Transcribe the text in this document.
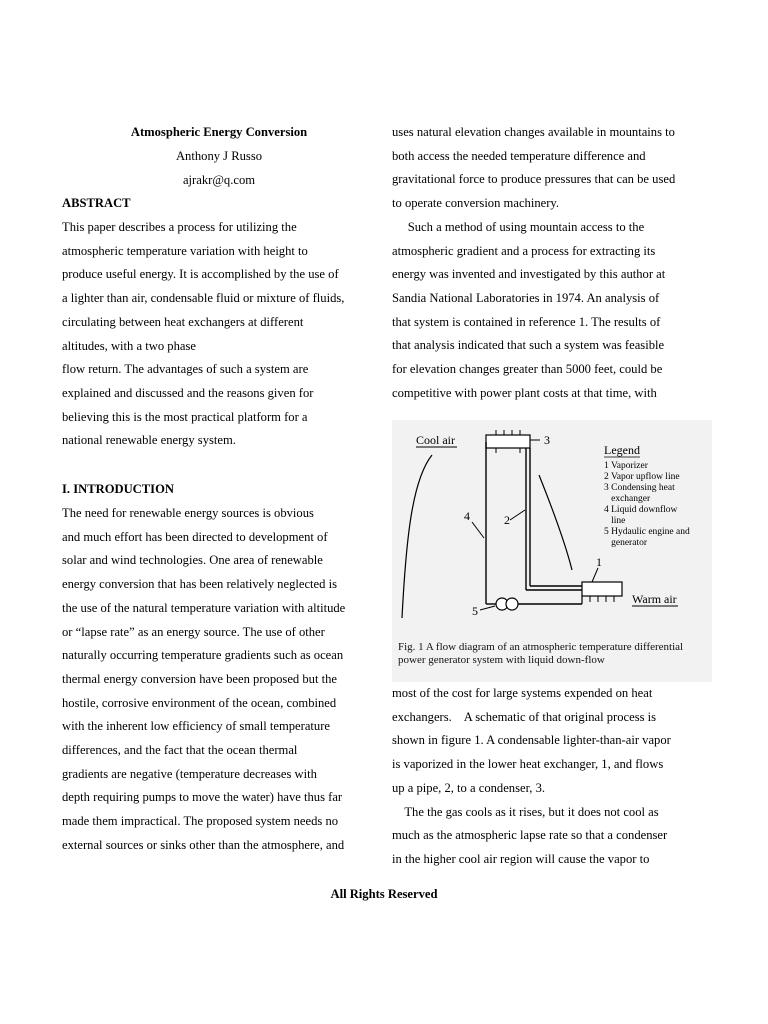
Atmospheric Energy Conversion
Anthony J Russo
ajrakr@q.com
ABSTRACT
This paper describes a process for utilizing the
atmospheric temperature variation with height to
produce useful energy. It is accomplished by the use of
a lighter than air, condensable fluid or mixture of fluids,
circulating between heat exchangers at different
altitudes, with a two phase
flow return. The advantages of such a system are
explained and discussed and the reasons given for
believing this is the most practical platform for a
national renewable energy system.
I. INTRODUCTION
The need for renewable energy sources is obvious
and much effort has been directed to development of
solar and wind technologies. One area of renewable
energy conversion that has been relatively neglected is
the use of the natural temperature variation with altitude
or “lapse rate” as an energy source. The use of other
naturally occurring temperature gradients such as ocean
thermal energy conversion have been proposed but the
hostile, corrosive environment of the ocean, combined
with the inherent low efficiency of small temperature
differences, and the fact that the ocean thermal
gradients are negative (temperature decreases with
depth requiring pumps to move the water) have thus far
made them impractical. The proposed system needs no
external sources or sinks other than the atmosphere, and
uses natural elevation changes available in mountains to
both access the needed temperature difference and
gravitational force to produce pressures that can be used
to operate conversion machinery.
Such a method of using mountain access to the
atmospheric gradient and a process for extracting its
energy was invented and investigated by this author at
Sandia National Laboratories in 1974. An analysis of
that system is contained in reference 1. The results of
that analysis indicated that such a system was feasible
for elevation changes greater than 5000 feet, could be
competitive with power plant costs at that time, with
Cool air	3
1
5
4	2
Warm air
Legend
1 Vaporizer
2 Vapor upflow line
3 Condensing heat
exchanger
4 Liquid downflow
line
5 Hydaulic engine and
generator
Fig. 1 A flow diagram of an atmospheric temperature differential
power generator system with liquid down-flow
most of the cost for large systems expended on heat
exchangers.    A schematic of that original process is
shown in figure 1. A condensable lighter-than-air vapor
is vaporized in the lower heat exchanger, 1, and flows
up a pipe, 2, to a condenser, 3.
The the gas cools as it rises, but it does not cool as
much as the atmospheric lapse rate so that a condenser
in the higher cool air region will cause the vapor to
All Rights Reserved
